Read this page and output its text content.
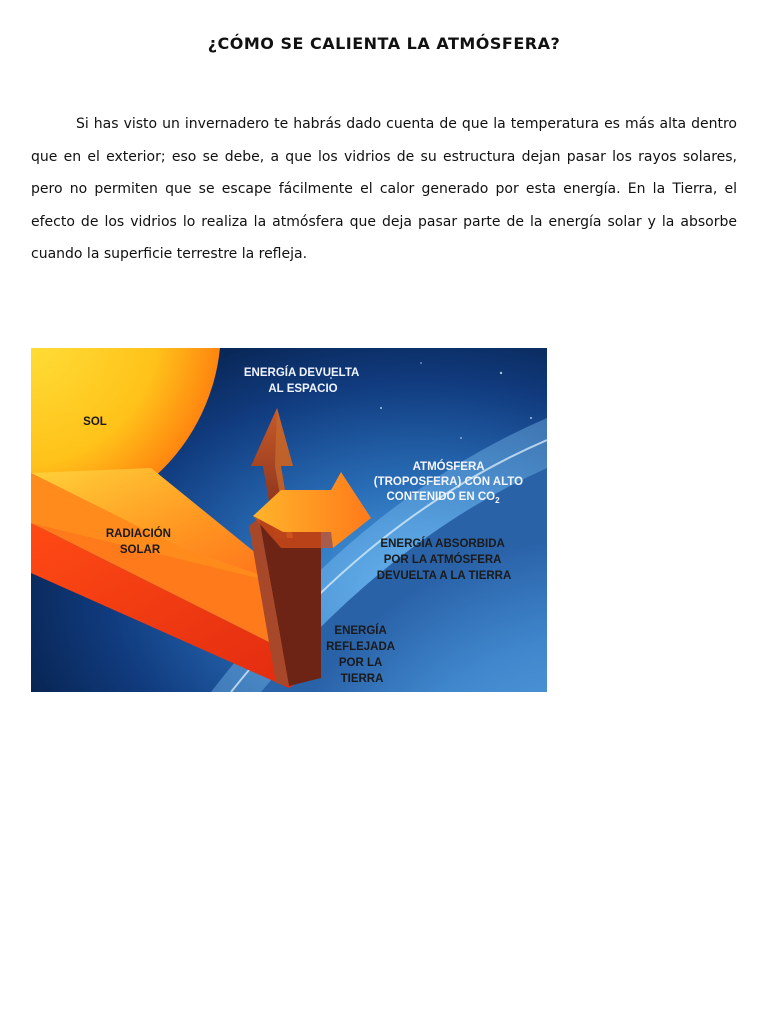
¿CÓMO SE CALIENTA LA ATMÓSFERA?

Si has visto un invernadero te habrás dado cuenta de que la temperatura es más alta dentro que en el exterior; eso se debe, a que los vidrios de su estructura dejan pasar los rayos solares, pero no permiten que se escape fácilmente el calor generado por esta energía. En la Tierra, el efecto de los vidrios lo realiza la atmósfera que deja pasar parte de la energía solar y la absorbe cuando la superficie terrestre la refleja.

SOL
RADIACIÓN SOLAR
ENERGÍA DEVUELTA AL ESPACIO
ATMÓSFERA (TROPOSFERA) CON ALTO CONTENIDO EN $CO_2$
ENERGÍA ABSORBIDA POR LA ATMÓSFERA DEVUELTA A LA TIERRA
ENERGÍA REFLEJADA POR LA TIERRA
